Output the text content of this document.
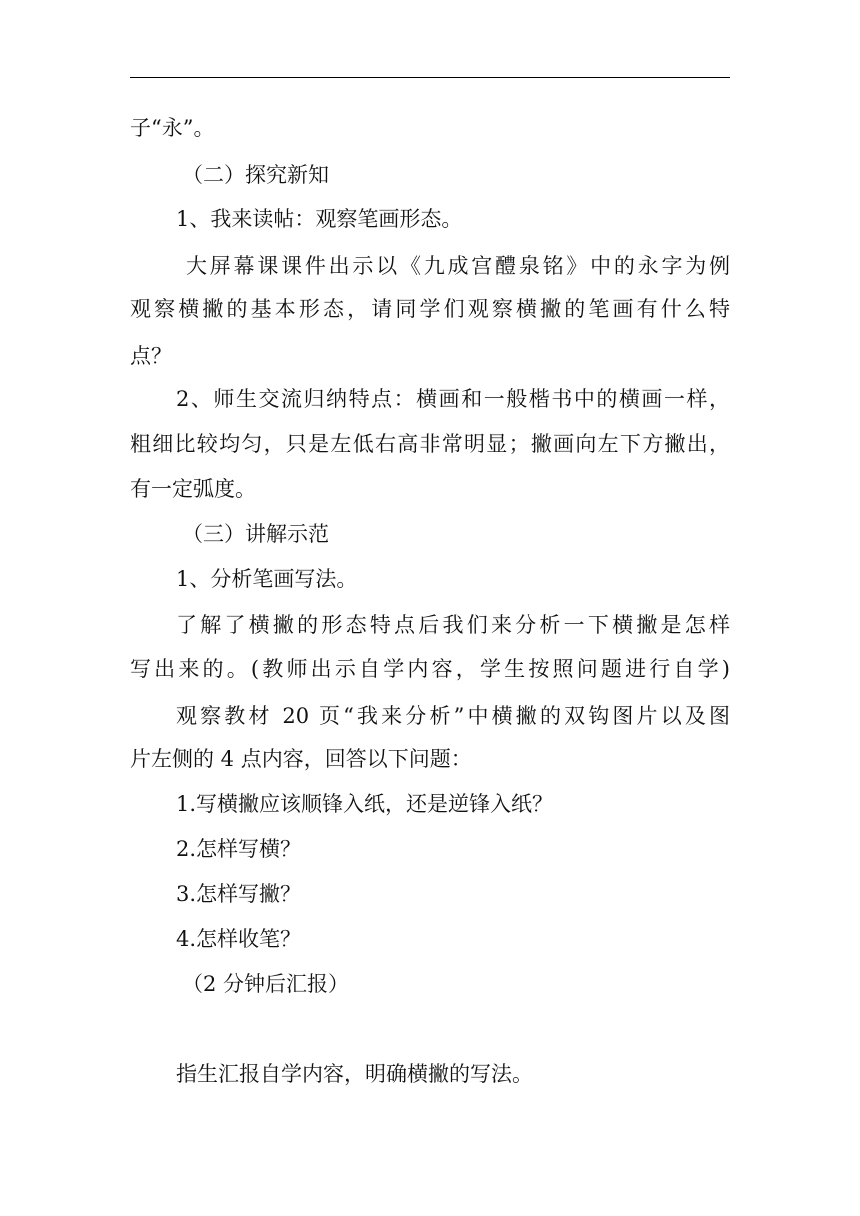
子“永”。
（二）探究新知
1、我来读帖：观察笔画形态。
大屏幕课课件出示以《九成宫醴泉铭》中的永字为例
观察横撇的基本形态，请同学们观察横撇的笔画有什么特
点？
2、师生交流归纳特点：横画和一般楷书中的横画一样，
粗细比较均匀，只是左低右高非常明显；撇画向左下方撇出，
有一定弧度。
（三）讲解示范
1、分析笔画写法。
了解了横撇的形态特点后我们来分析一下横撇是怎样
写出来的。(教师出示自学内容，学生按照问题进行自学)
观察教材 20 页“我来分析”中横撇的双钩图片以及图
片左侧的 4 点内容，回答以下问题：
1.写横撇应该顺锋入纸，还是逆锋入纸？
2.怎样写横？
3.怎样写撇？
4.怎样收笔？
（2 分钟后汇报）
指生汇报自学内容，明确横撇的写法。
